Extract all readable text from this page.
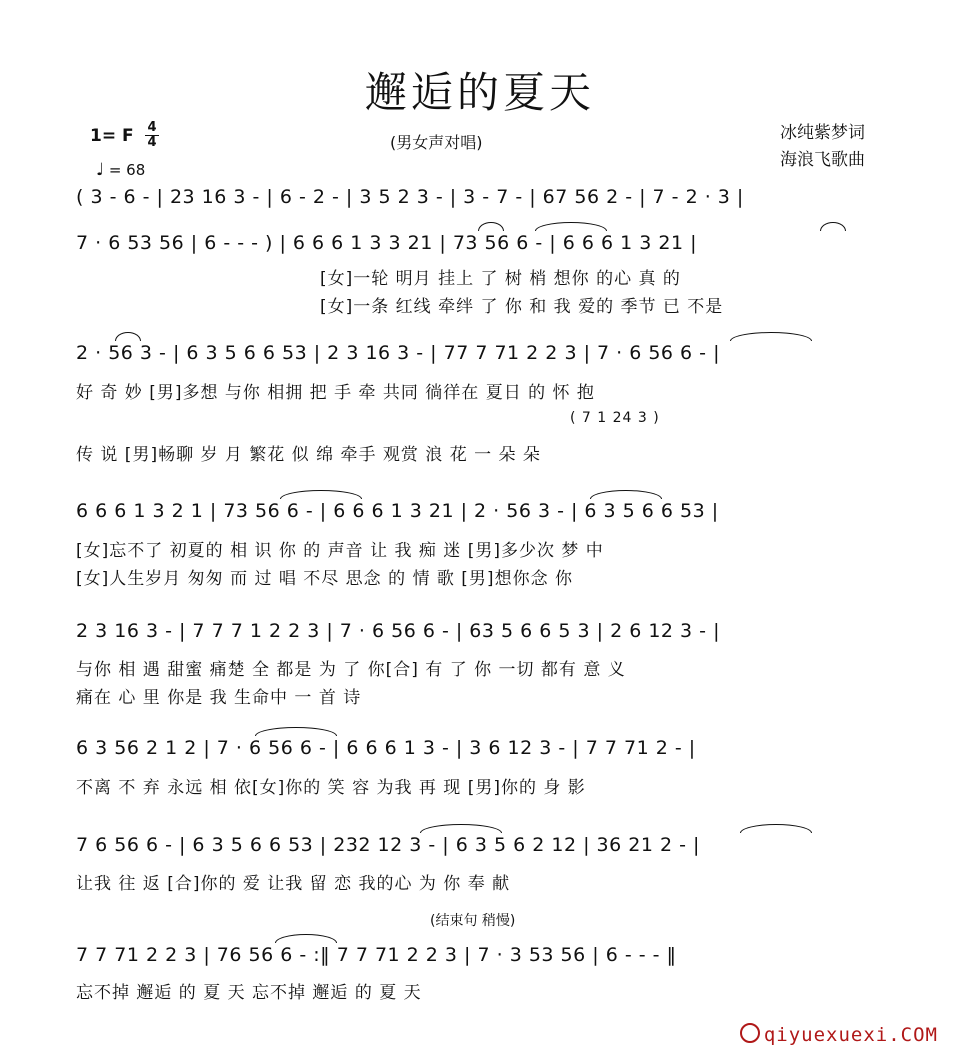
邂逅的夏天
(男女声对唱)	冰纯紫梦词
海浪飞歌曲
1= F 4
4
♩ = 68
( 3 - 6 - | 23 16 3 - | 6 - 2 - | 3 5 2 3 - | 3 - 7 - | 67 56 2 - | 7 - 2 · 3 |
7 · 6 53 56 | 6 - - - ) | 6 6 6 1 3 3 21 | 73 56 6 - | 6 6 6 1 3 21 |
[女]一轮 明月 挂上 了 树 梢 想你 的心 真 的
[女]一条 红线 牵绊 了 你 和 我 爱的 季节 已 不是
2 · 56 3 - | 6 3 5 6 6 53 | 2 3 16 3 - | 77 7 71 2 2 3 | 7 · 6 56 6 - |
好 奇 妙 [男]多想 与你 相拥 把 手 牵 共同 徜徉在 夏日 的 怀 抱
( 7 1 24 3 )
传 说 [男]畅聊 岁 月 繁花 似 绵 牵手 观赏 浪 花 一 朵 朵
6 6 6 1 3 2 1 | 73 56 6 - | 6 6 6 1 3 21 | 2 · 56 3 - | 6 3 5 6 6 53 |
[女]忘不了 初夏的 相 识 你 的 声音 让 我 痴 迷 [男]多少次 梦 中
[女]人生岁月 匆匆 而 过 唱 不尽 思念 的 情 歌 [男]想你念 你
2 3 16 3 - | 7 7 7 1 2 2 3 | 7 · 6 56 6 - | 63 5 6 6 5 3 | 2 6 12 3 - |
与你 相 遇 甜蜜 痛楚 全 都是 为 了 你[合] 有 了 你 一切 都有 意 义
痛在 心 里 你是 我 生命中 一 首 诗
6 3 56 2 1 2 | 7 · 6 56 6 - | 6 6 6 1 3 - | 3 6 12 3 - | 7 7 71 2 - |
不离 不 弃 永远 相 依[女]你的 笑 容 为我 再 现 [男]你的 身 影
7 6 56 6 - | 6 3 5 6 6 53 | 232 12 3 - | 6 3 5 6 2 12 | 36 21 2 - |
让我 往 返 [合]你的 爱 让我 留 恋 我的心 为 你 奉 献
(结束句 稍慢)
7 7 71 2 2 3 | 76 56 6 - :‖ 7 7 71 2 2 3 | 7 · 3 53 56 | 6 - - - ‖
忘不掉 邂逅 的 夏 天 忘不掉 邂逅 的 夏 天
qiyuexuexi.COM
